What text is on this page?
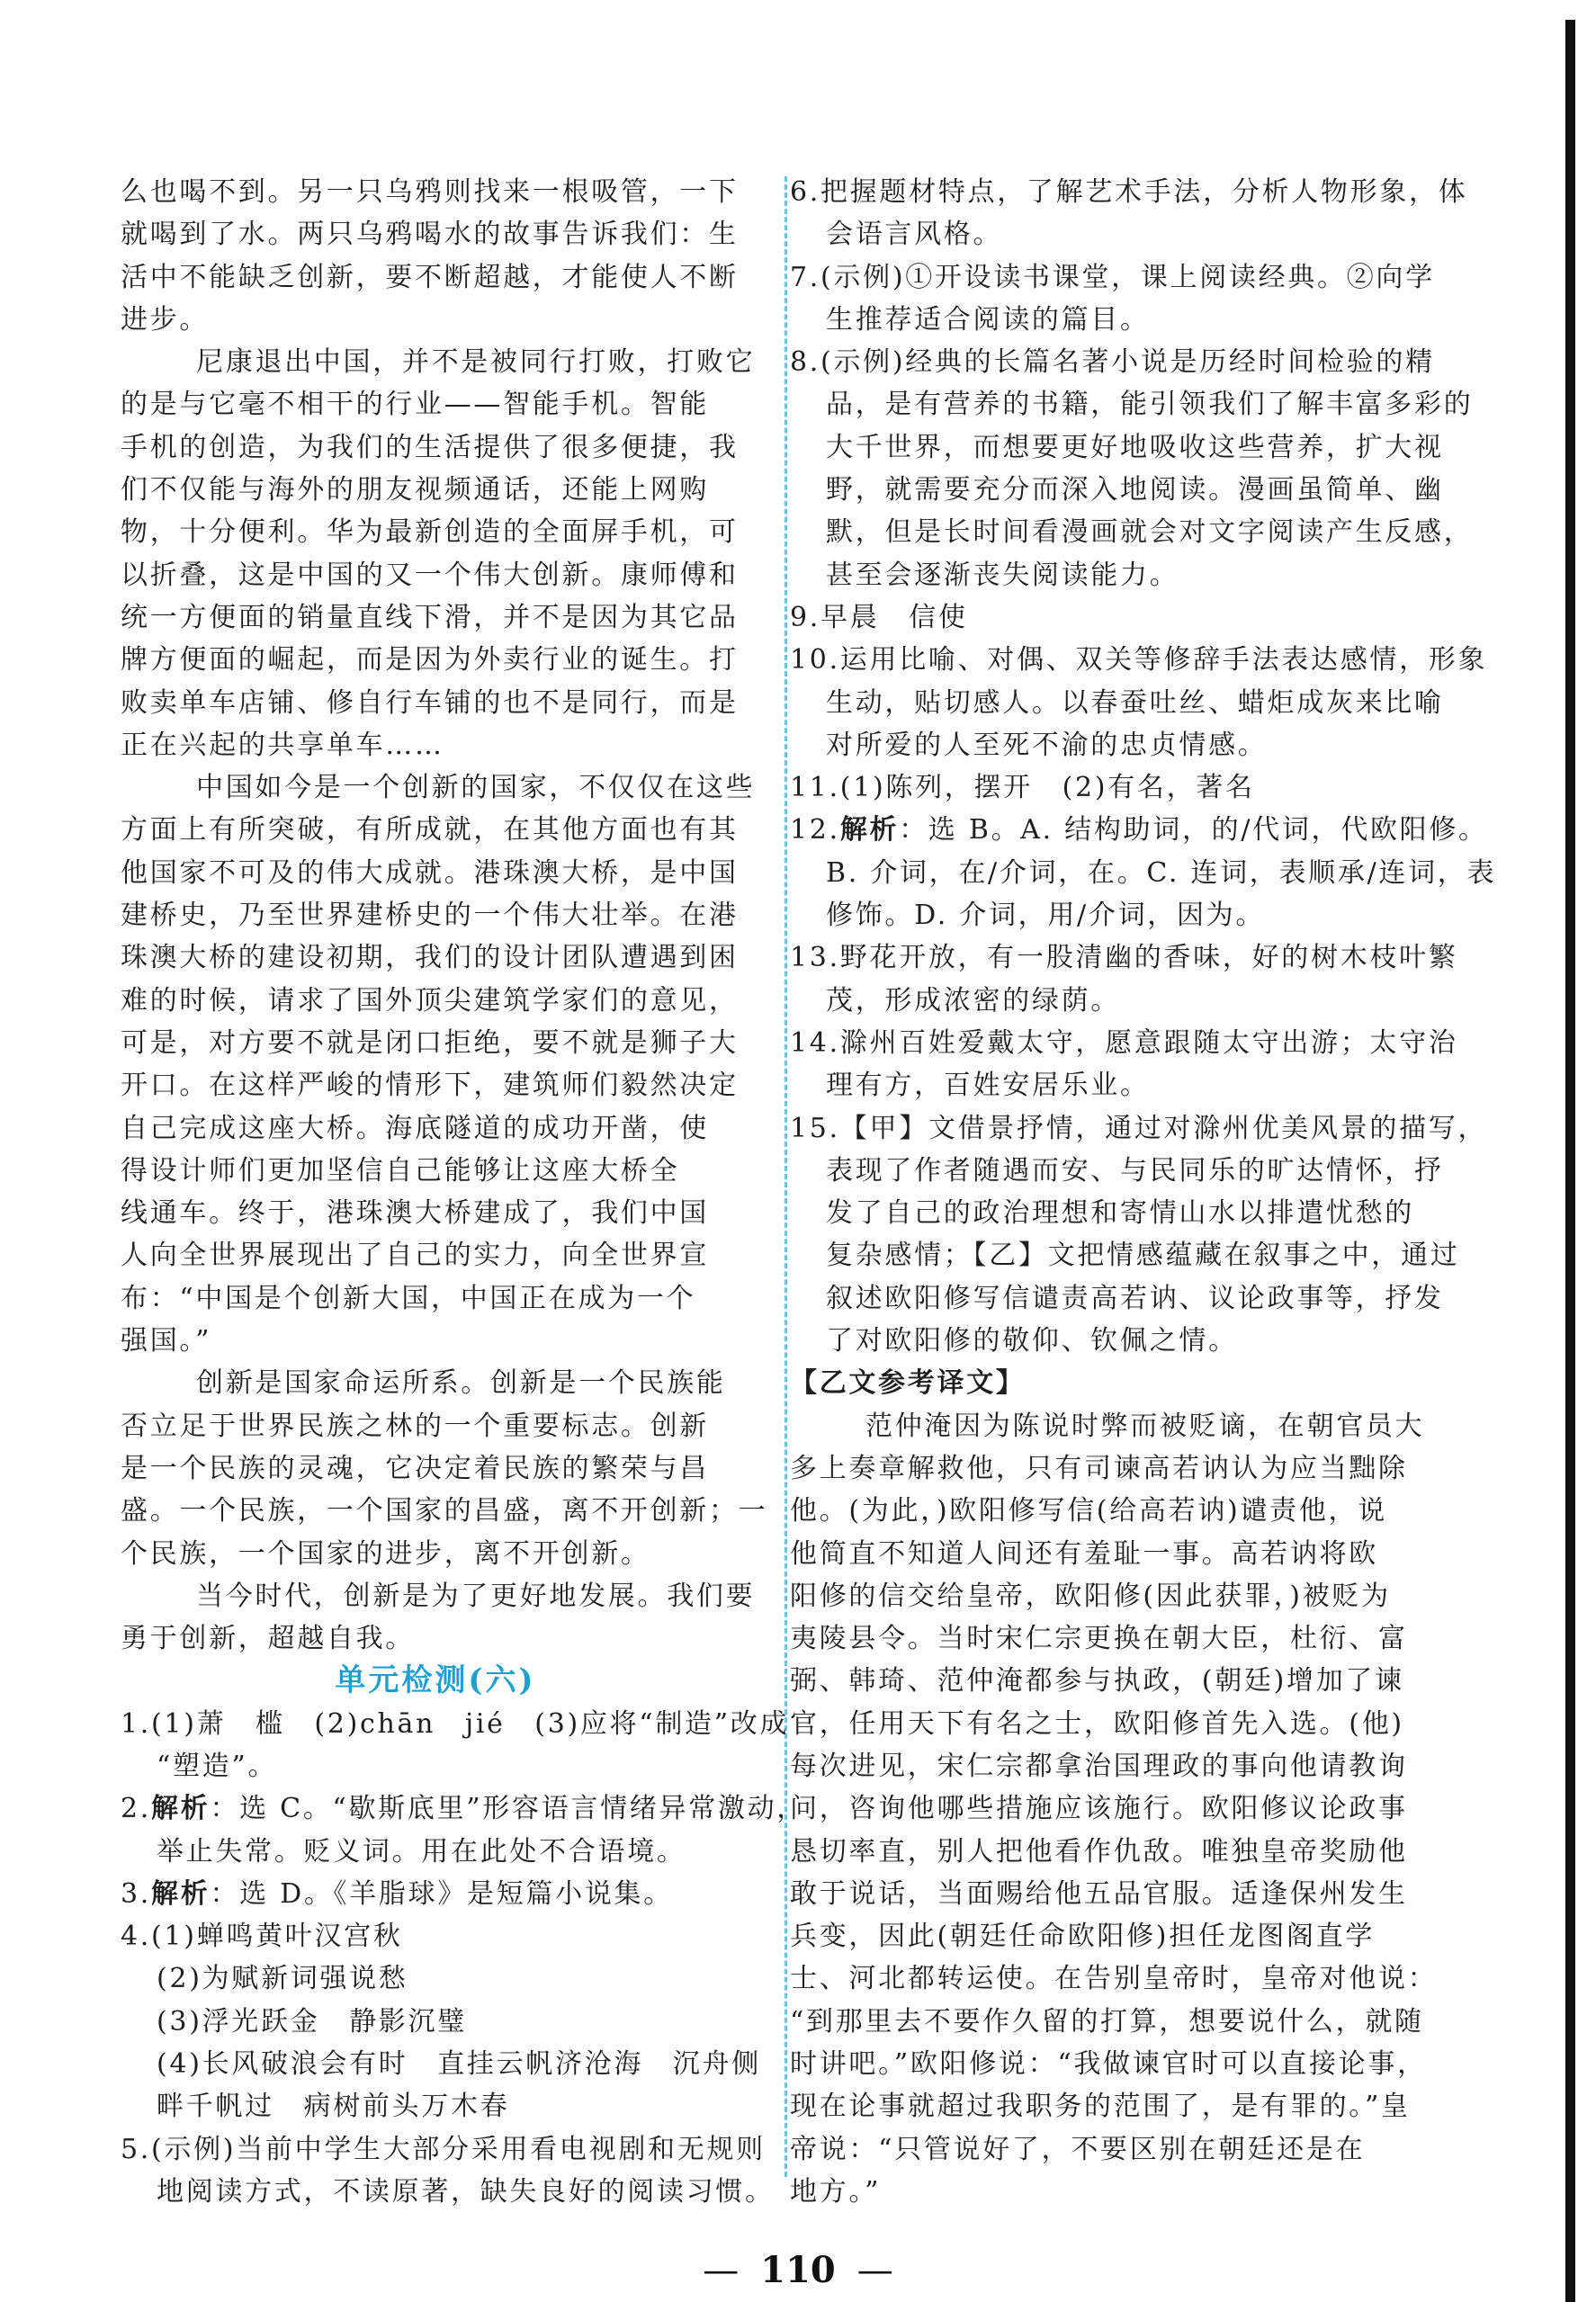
么也喝不到。另一只乌鸦则找来一根吸管，一下
就喝到了水。两只乌鸦喝水的故事告诉我们：生
活中不能缺乏创新，要不断超越，才能使人不断
进步。
尼康退出中国，并不是被同行打败，打败它
的是与它毫不相干的行业——智能手机。智能
手机的创造，为我们的生活提供了很多便捷，我
们不仅能与海外的朋友视频通话，还能上网购
物，十分便利。华为最新创造的全面屏手机，可
以折叠，这是中国的又一个伟大创新。康师傅和
统一方便面的销量直线下滑，并不是因为其它品
牌方便面的崛起，而是因为外卖行业的诞生。打
败卖单车店铺、修自行车铺的也不是同行，而是
正在兴起的共享单车……
中国如今是一个创新的国家，不仅仅在这些
方面上有所突破，有所成就，在其他方面也有其
他国家不可及的伟大成就。港珠澳大桥，是中国
建桥史，乃至世界建桥史的一个伟大壮举。在港
珠澳大桥的建设初期，我们的设计团队遭遇到困
难的时候，请求了国外顶尖建筑学家们的意见，
可是，对方要不就是闭口拒绝，要不就是狮子大
开口。在这样严峻的情形下，建筑师们毅然决定
自己完成这座大桥。海底隧道的成功开凿，使
得设计师们更加坚信自己能够让这座大桥全
线通车。终于，港珠澳大桥建成了，我们中国
人向全世界展现出了自己的实力，向全世界宣
布：“中国是个创新大国，中国正在成为一个
强国。”
创新是国家命运所系。创新是一个民族能
否立足于世界民族之林的一个重要标志。创新
是一个民族的灵魂，它决定着民族的繁荣与昌
盛。一个民族，一个国家的昌盛，离不开创新；一
个民族，一个国家的进步，离不开创新。
当今时代，创新是为了更好地发展。我们要
勇于创新，超越自我。
单元检测(六)
1.(1)萧　槛　(2)chān　jié　(3)应将“制造”改成
“塑造”。
2.解析：选 C。“歇斯底里”形容语言情绪异常激动，
举止失常。贬义词。用在此处不合语境。
3.解析：选 D。《羊脂球》是短篇小说集。
4.(1)蝉鸣黄叶汉宫秋
(2)为赋新词强说愁
(3)浮光跃金　静影沉璧
(4)长风破浪会有时　直挂云帆济沧海　沉舟侧
畔千帆过　病树前头万木春
5.(示例)当前中学生大部分采用看电视剧和无规则
地阅读方式，不读原著，缺失良好的阅读习惯。
6.把握题材特点，了解艺术手法，分析人物形象，体
会语言风格。
7.(示例)①开设读书课堂，课上阅读经典。②向学
生推荐适合阅读的篇目。
8.(示例)经典的长篇名著小说是历经时间检验的精
品，是有营养的书籍，能引领我们了解丰富多彩的
大千世界，而想要更好地吸收这些营养，扩大视
野，就需要充分而深入地阅读。漫画虽简单、幽
默，但是长时间看漫画就会对文字阅读产生反感，
甚至会逐渐丧失阅读能力。
9.早晨　信使
10.运用比喻、对偶、双关等修辞手法表达感情，形象
生动，贴切感人。以春蚕吐丝、蜡炬成灰来比喻
对所爱的人至死不渝的忠贞情感。
11.(1)陈列，摆开　(2)有名，著名
12.解析：选 B。A. 结构助词，的/代词，代欧阳修。
B. 介词，在/介词，在。C. 连词，表顺承/连词，表
修饰。D. 介词，用/介词，因为。
13.野花开放，有一股清幽的香味，好的树木枝叶繁
茂，形成浓密的绿荫。
14.滁州百姓爱戴太守，愿意跟随太守出游；太守治
理有方，百姓安居乐业。
15.【甲】文借景抒情，通过对滁州优美风景的描写，
表现了作者随遇而安、与民同乐的旷达情怀，抒
发了自己的政治理想和寄情山水以排遣忧愁的
复杂感情；【乙】文把情感蕴藏在叙事之中，通过
叙述欧阳修写信谴责高若讷、议论政事等，抒发
了对欧阳修的敬仰、钦佩之情。
【乙文参考译文】
范仲淹因为陈说时弊而被贬谪，在朝官员大
多上奏章解救他，只有司谏高若讷认为应当黜除
他。(为此，)欧阳修写信(给高若讷)谴责他，说
他简直不知道人间还有羞耻一事。高若讷将欧
阳修的信交给皇帝，欧阳修(因此获罪，)被贬为
夷陵县令。当时宋仁宗更换在朝大臣，杜衍、富
弼、韩琦、范仲淹都参与执政，(朝廷)增加了谏
官，任用天下有名之士，欧阳修首先入选。(他)
每次进见，宋仁宗都拿治国理政的事向他请教询
问，咨询他哪些措施应该施行。欧阳修议论政事
恳切率直，别人把他看作仇敌。唯独皇帝奖励他
敢于说话，当面赐给他五品官服。适逢保州发生
兵变，因此(朝廷任命欧阳修)担任龙图阁直学
士、河北都转运使。在告别皇帝时，皇帝对他说：
“到那里去不要作久留的打算，想要说什么，就随
时讲吧。”欧阳修说：“我做谏官时可以直接论事，
现在论事就超过我职务的范围了，是有罪的。”皇
帝说：“只管说好了，不要区别在朝廷还是在
地方。”
— 110 —
